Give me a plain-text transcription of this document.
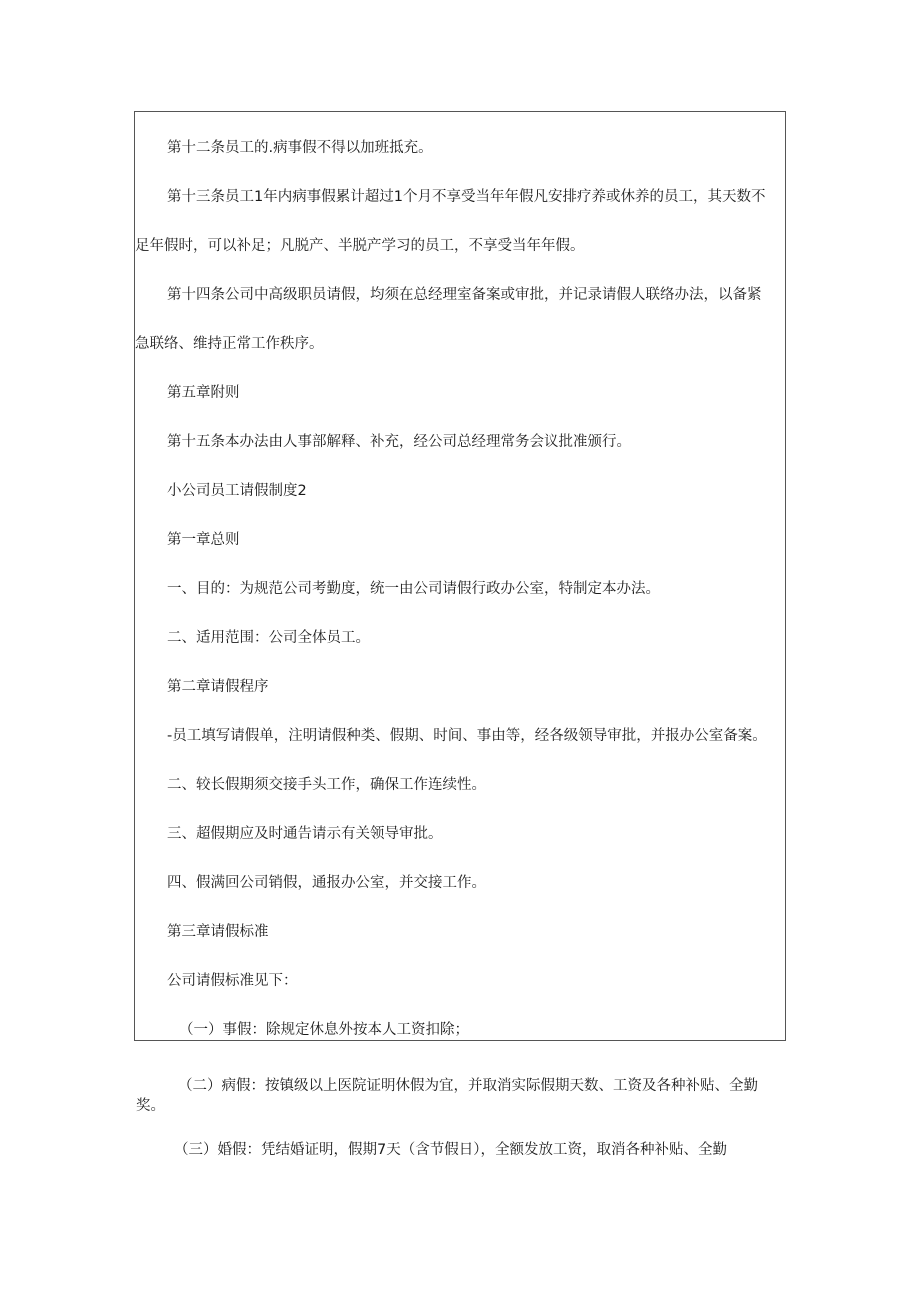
第十二条员工的.病事假不得以加班抵充。

第十三条员工1年内病事假累计超过1个月不享受当年年假凡安排疗养或休养的员工，其天数不

足年假时，可以补足；凡脱产、半脱产学习的员工，不享受当年年假。

第十四条公司中高级职员请假，均须在总经理室备案或审批，并记录请假人联络办法，以备紧

急联络、维持正常工作秩序。

第五章附则

第十五条本办法由人事部解释、补充，经公司总经理常务会议批准颁行。

小公司员工请假制度2

第一章总则

一、目的：为规范公司考勤度，统一由公司请假行政办公室，特制定本办法。

二、适用范围：公司全体员工。

第二章请假程序

-员工填写请假单，注明请假种类、假期、时间、事由等，经各级领导审批，并报办公室备案。

二、较长假期须交接手头工作，确保工作连续性。

三、超假期应及时通告请示有关领导审批。

四、假满回公司销假，通报办公室，并交接工作。

第三章请假标准

公司请假标准见下：

（一）事假：除规定休息外按本人工资扣除；

（二）病假：按镇级以上医院证明休假为宜，并取消实际假期天数、工资及各种补贴、全勤

奖。

（三）婚假：凭结婚证明，假期7天（含节假日），全额发放工资，取消各种补贴、全勤
